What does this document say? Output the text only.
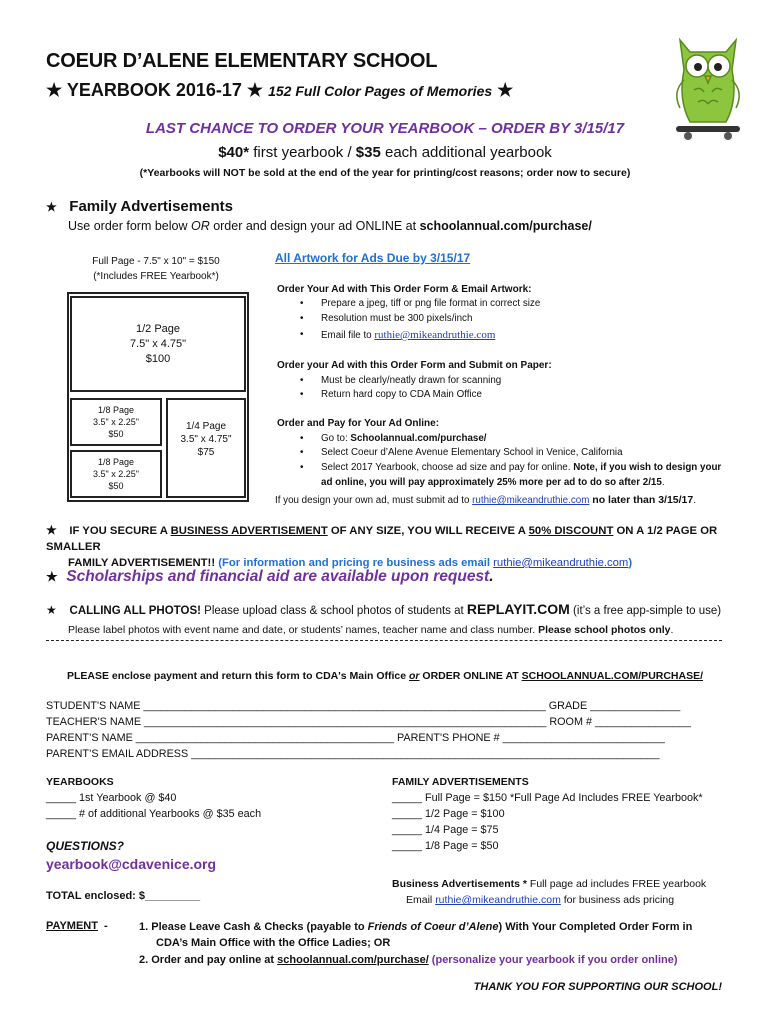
COEUR D’ALENE ELEMENTARY SCHOOL
★ YEARBOOK 2016-17 ★ 152 Full Color Pages of Memories ★
LAST CHANCE TO ORDER YOUR YEARBOOK – ORDER BY 3/15/17
$40* first yearbook / $35 each additional yearbook
(*Yearbooks will NOT be sold at the end of the year for printing/cost reasons; order now to secure)
★ Family Advertisements
Use order form below OR order and design your ad ONLINE at schoolannual.com/purchase/
Full Page - 7.5" x 10" = $150
(*Includes FREE Yearbook*)
1/2 Page
7.5" x 4.75"
$100
1/8 Page
3.5" x 2.25"
$50
1/8 Page
3.5" x 2.25"
$50
1/4 Page
3.5" x 4.75"
$75
All Artwork for Ads Due by 3/15/17
Order Your Ad with This Order Form & Email Artwork:
• Prepare a jpeg, tiff or png file format in correct size
• Resolution must be 300 pixels/inch
• Email file to ruthie@mikeandruthie.com
Order your Ad with this Order Form and Submit on Paper:
• Must be clearly/neatly drawn for scanning
• Return hard copy to CDA Main Office
Order and Pay for Your Ad Online:
• Go to: Schoolannual.com/purchase/
• Select Coeur d’Alene Avenue Elementary School in Venice, California
• Select 2017 Yearbook, choose ad size and pay for online. Note, if you wish to design your
ad online, you will pay approximately 25% more per ad to do so after 2/15.
If you design your own ad, must submit ad to ruthie@mikeandruthie.com no later than 3/15/17.
★ IF YOU SECURE A BUSINESS ADVERTISEMENT OF ANY SIZE, YOU WILL RECEIVE A 50% DISCOUNT ON A 1/2 PAGE OR SMALLER
FAMILY ADVERTISEMENT!! (For information and pricing re business ads email ruthie@mikeandruthie.com)
★ Scholarships and financial aid are available upon request.
★ CALLING ALL PHOTOS! Please upload class & school photos of students at REPLAYIT.COM (it’s a free app-simple to use)
Please label photos with event name and date, or students’ names, teacher name and class number. Please school photos only.
PLEASE enclose payment and return this form to CDA's Main Office or ORDER ONLINE AT SCHOOLANNUAL.COM/PURCHASE/
STUDENT'S NAME ___________________________________________________________________ GRADE _______________
TEACHER'S NAME ___________________________________________________________________ ROOM # ________________
PARENT’S NAME ___________________________________________ PARENT'S PHONE # ___________________________
PARENT’S EMAIL ADDRESS ______________________________________________________________________________
YEARBOOKS
_____ 1st Yearbook @ $40
_____ # of additional Yearbooks @ $35 each
FAMILY ADVERTISEMENTS
_____ Full Page = $150 *Full Page Ad Includes FREE Yearbook*
_____ 1/2 Page = $100
_____ 1/4 Page = $75
_____ 1/8 Page = $50
QUESTIONS?
yearbook@cdavenice.org
TOTAL enclosed: $_________
Business Advertisements * Full page ad includes FREE yearbook
Email ruthie@mikeandruthie.com for business ads pricing
PAYMENT -	1. Please Leave Cash & Checks (payable to Friends of Coeur d’Alene) With Your Completed Order Form in
CDA’s Main Office with the Office Ladies; OR
2. Order and pay online at schoolannual.com/purchase/ (personalize your yearbook if you order online)
THANK YOU FOR SUPPORTING OUR SCHOOL!
